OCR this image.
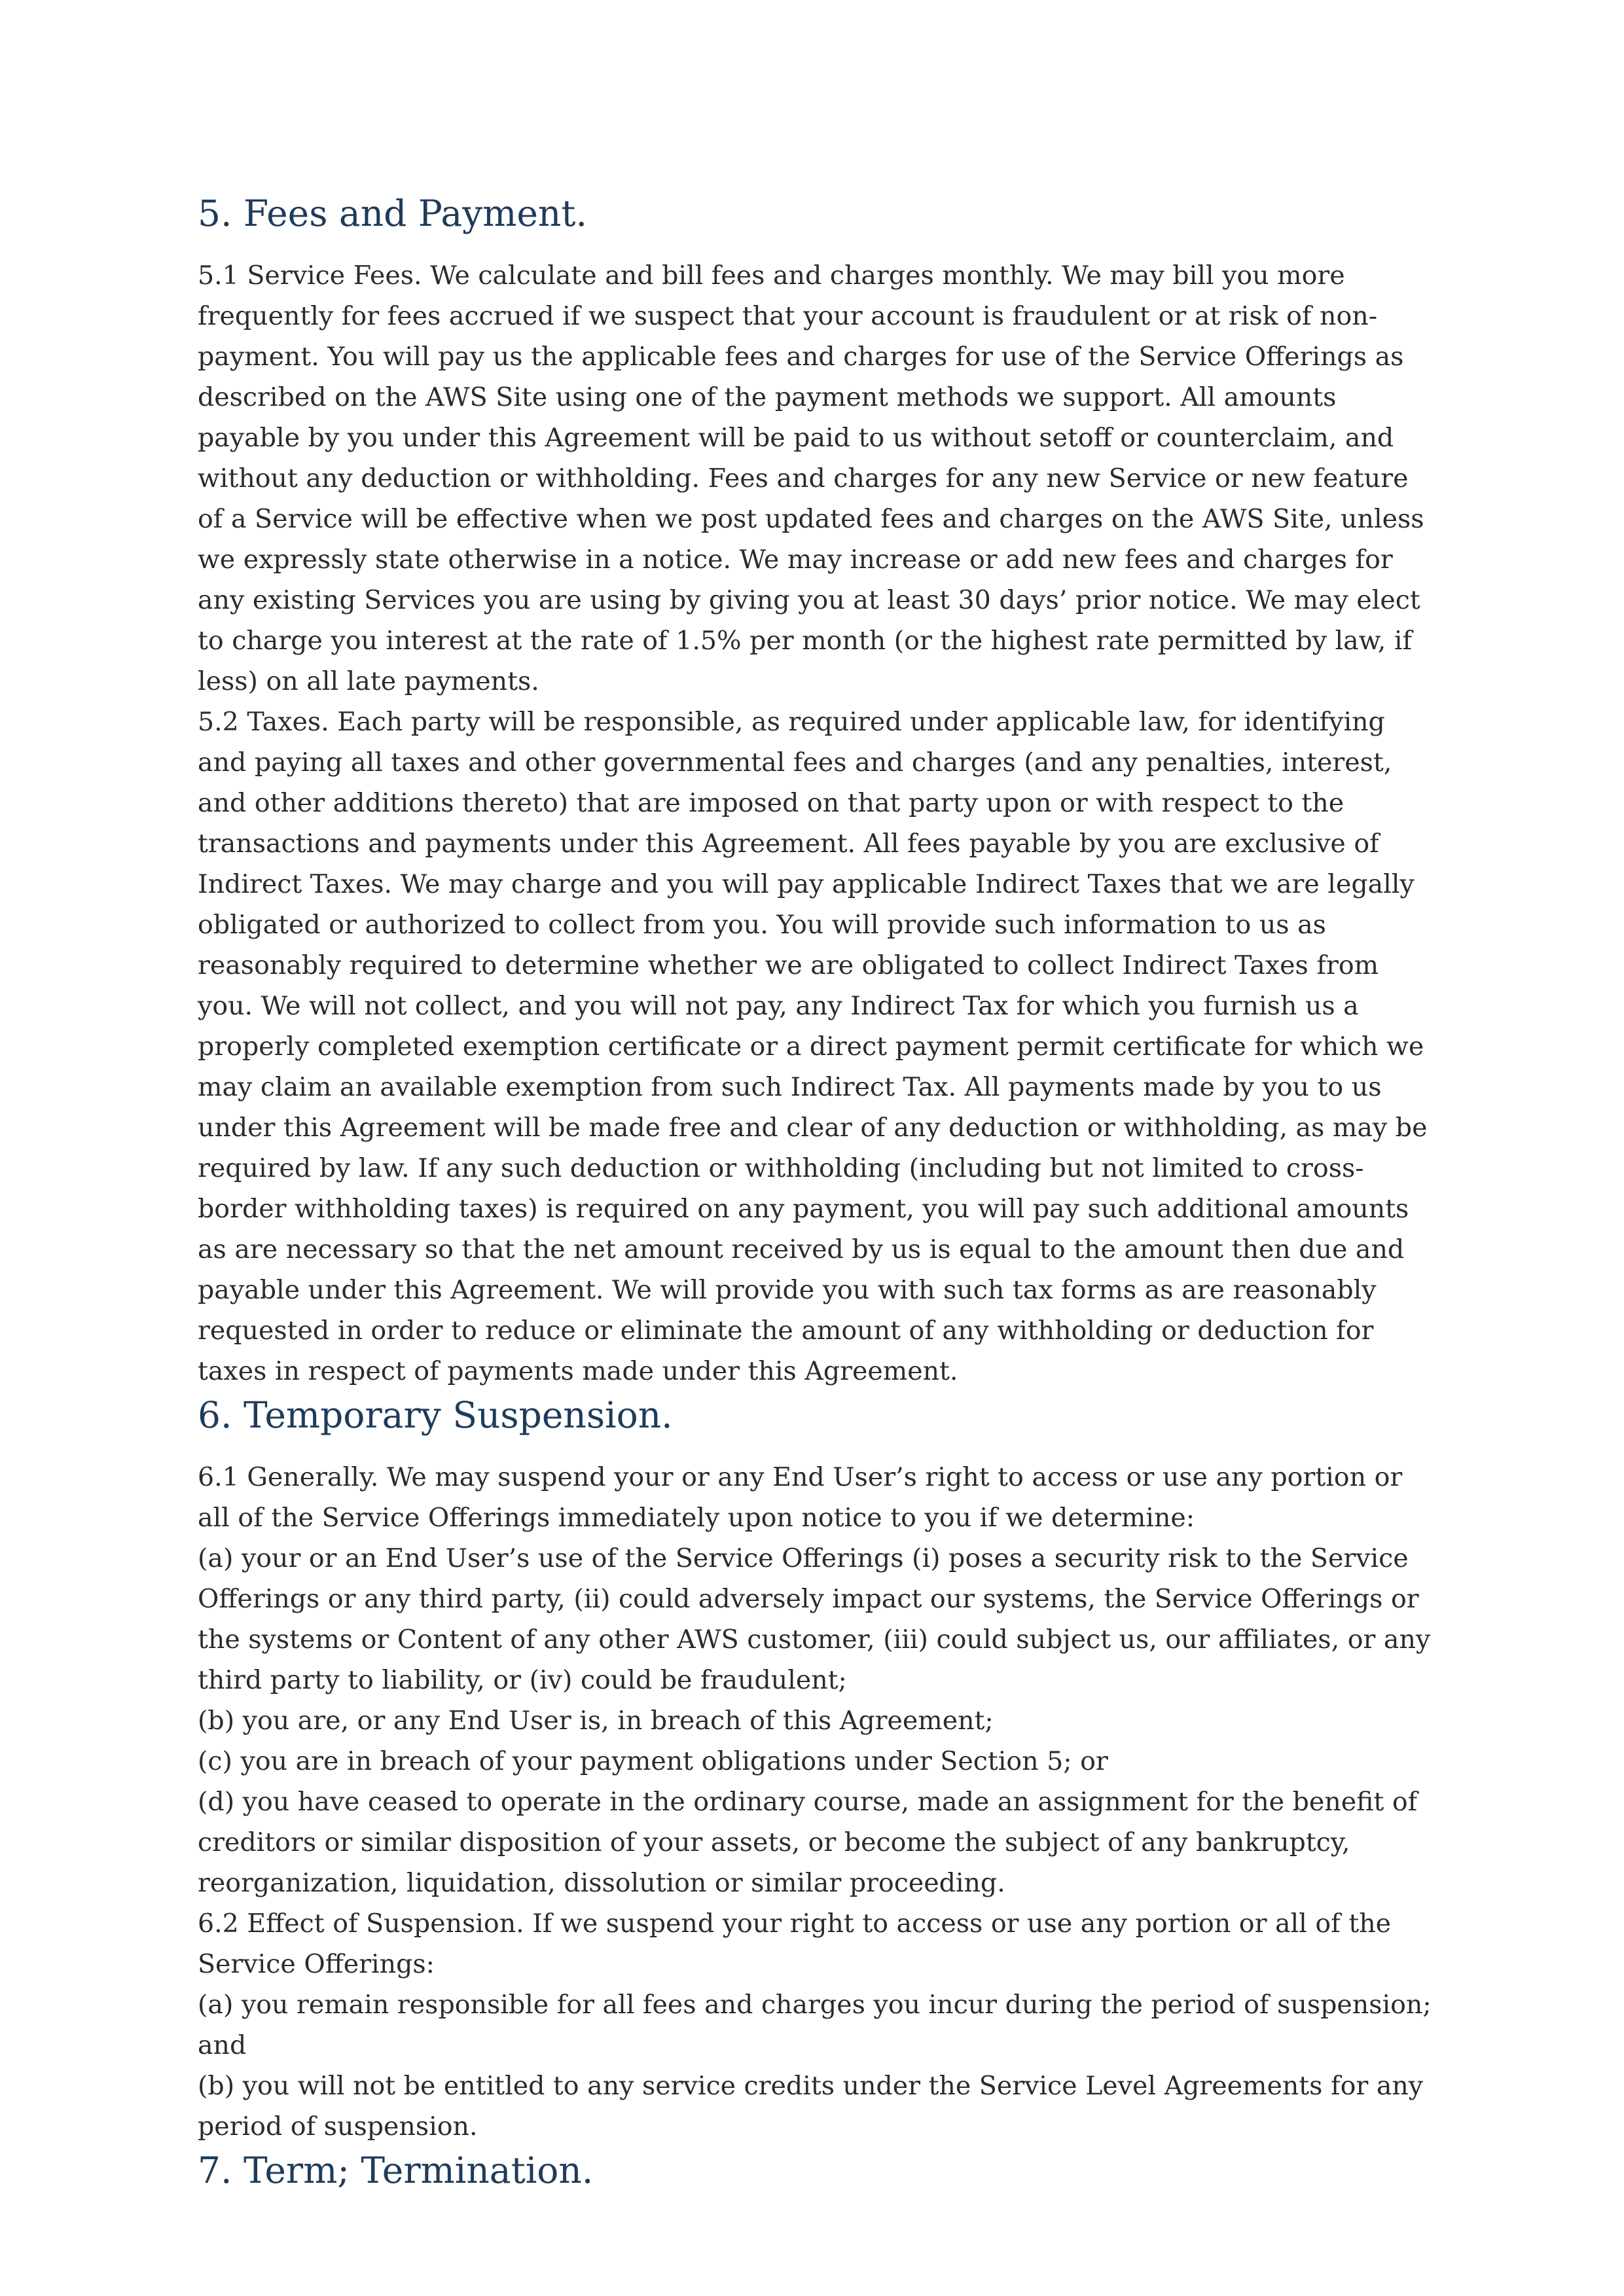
5. Fees and Payment.

5.1 Service Fees. We calculate and bill fees and charges monthly. We may bill you more frequently for fees accrued if we suspect that your account is fraudulent or at risk of non-payment. You will pay us the applicable fees and charges for use of the Service Offerings as described on the AWS Site using one of the payment methods we support. All amounts payable by you under this Agreement will be paid to us without setoff or counterclaim, and without any deduction or withholding. Fees and charges for any new Service or new feature of a Service will be effective when we post updated fees and charges on the AWS Site, unless we expressly state otherwise in a notice. We may increase or add new fees and charges for any existing Services you are using by giving you at least 30 days’ prior notice. We may elect to charge you interest at the rate of 1.5% per month (or the highest rate permitted by law, if less) on all late payments.

5.2 Taxes. Each party will be responsible, as required under applicable law, for identifying and paying all taxes and other governmental fees and charges (and any penalties, interest, and other additions thereto) that are imposed on that party upon or with respect to the transactions and payments under this Agreement. All fees payable by you are exclusive of Indirect Taxes. We may charge and you will pay applicable Indirect Taxes that we are legally obligated or authorized to collect from you. You will provide such information to us as reasonably required to determine whether we are obligated to collect Indirect Taxes from you. We will not collect, and you will not pay, any Indirect Tax for which you furnish us a properly completed exemption certificate or a direct payment permit certificate for which we may claim an available exemption from such Indirect Tax. All payments made by you to us under this Agreement will be made free and clear of any deduction or withholding, as may be required by law. If any such deduction or withholding (including but not limited to cross-border withholding taxes) is required on any payment, you will pay such additional amounts as are necessary so that the net amount received by us is equal to the amount then due and payable under this Agreement. We will provide you with such tax forms as are reasonably requested in order to reduce or eliminate the amount of any withholding or deduction for taxes in respect of payments made under this Agreement.

6. Temporary Suspension.

6.1 Generally. We may suspend your or any End User’s right to access or use any portion or all of the Service Offerings immediately upon notice to you if we determine:

(a) your or an End User’s use of the Service Offerings (i) poses a security risk to the Service Offerings or any third party, (ii) could adversely impact our systems, the Service Offerings or the systems or Content of any other AWS customer, (iii) could subject us, our affiliates, or any third party to liability, or (iv) could be fraudulent;

(b) you are, or any End User is, in breach of this Agreement;

(c) you are in breach of your payment obligations under Section 5; or

(d) you have ceased to operate in the ordinary course, made an assignment for the benefit of creditors or similar disposition of your assets, or become the subject of any bankruptcy, reorganization, liquidation, dissolution or similar proceeding.

6.2 Effect of Suspension. If we suspend your right to access or use any portion or all of the Service Offerings:

(a) you remain responsible for all fees and charges you incur during the period of suspension; and

(b) you will not be entitled to any service credits under the Service Level Agreements for any period of suspension.

7. Term; Termination.
